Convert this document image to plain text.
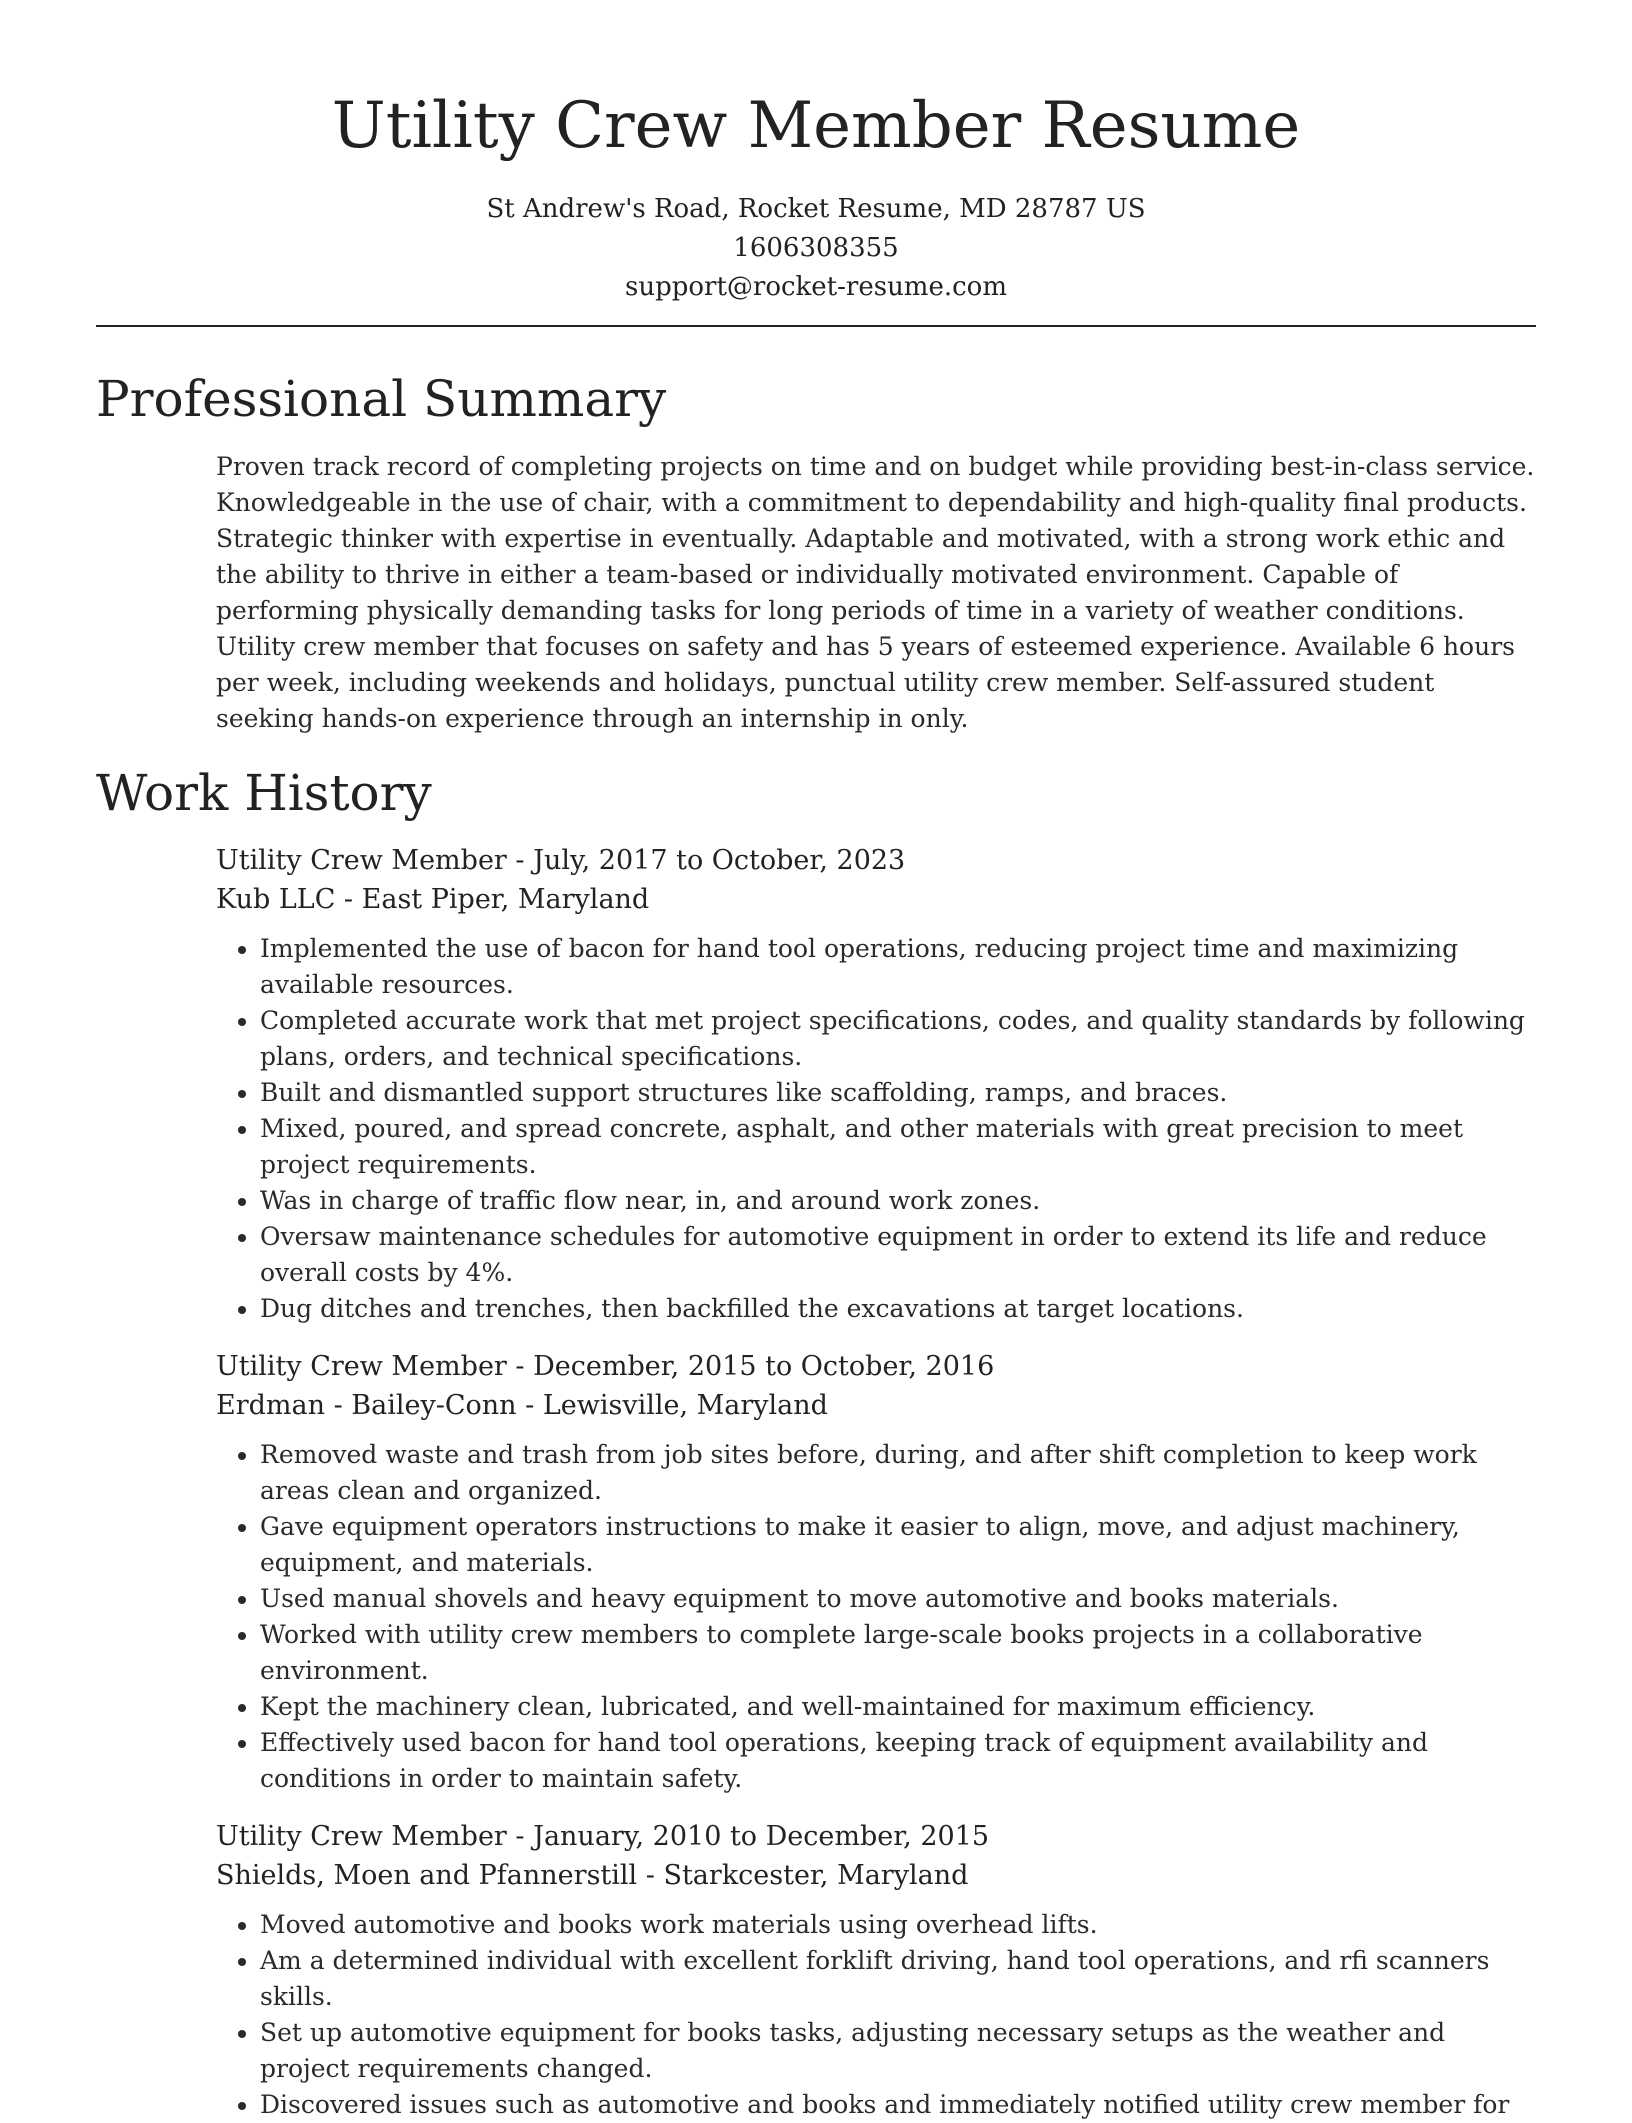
Utility Crew Member Resume
St Andrew's Road, Rocket Resume, MD 28787 US
1606308355
support@rocket-resume.com
Professional Summary

Proven track record of completing projects on time and on budget while providing best-in-class service. Knowledgeable in the use of chair, with a commitment to dependability and high-quality final products. Strategic thinker with expertise in eventually. Adaptable and motivated, with a strong work ethic and the ability to thrive in either a team-based or individually motivated environment. Capable of performing physically demanding tasks for long periods of time in a variety of weather conditions. Utility crew member that focuses on safety and has 5 years of esteemed experience. Available 6 hours per week, including weekends and holidays, punctual utility crew member. Self-assured student seeking hands-on experience through an internship in only.

Work History
Utility Crew Member - July, 2017 to October, 2023
Kub LLC - East Piper, Maryland
• Implemented the use of bacon for hand tool operations, reducing project time and maximizing available resources.
• Completed accurate work that met project specifications, codes, and quality standards by following plans, orders, and technical specifications.
• Built and dismantled support structures like scaffolding, ramps, and braces.
• Mixed, poured, and spread concrete, asphalt, and other materials with great precision to meet project requirements.
• Was in charge of traffic flow near, in, and around work zones.
• Oversaw maintenance schedules for automotive equipment in order to extend its life and reduce overall costs by 4%.
• Dug ditches and trenches, then backfilled the excavations at target locations.
Utility Crew Member - December, 2015 to October, 2016
Erdman - Bailey-Conn - Lewisville, Maryland
• Removed waste and trash from job sites before, during, and after shift completion to keep work areas clean and organized.
• Gave equipment operators instructions to make it easier to align, move, and adjust machinery, equipment, and materials.
• Used manual shovels and heavy equipment to move automotive and books materials.
• Worked with utility crew members to complete large-scale books projects in a collaborative environment.
• Kept the machinery clean, lubricated, and well-maintained for maximum efficiency.
• Effectively used bacon for hand tool operations, keeping track of equipment availability and conditions in order to maintain safety.
Utility Crew Member - January, 2010 to December, 2015
Shields, Moen and Pfannerstill - Starkcester, Maryland
• Moved automotive and books work materials using overhead lifts.
• Am a determined individual with excellent forklift driving, hand tool operations, and rfi scanners skills.
• Set up automotive equipment for books tasks, adjusting necessary setups as the weather and project requirements changed.
• Discovered issues such as automotive and books and immediately notified utility crew member for
